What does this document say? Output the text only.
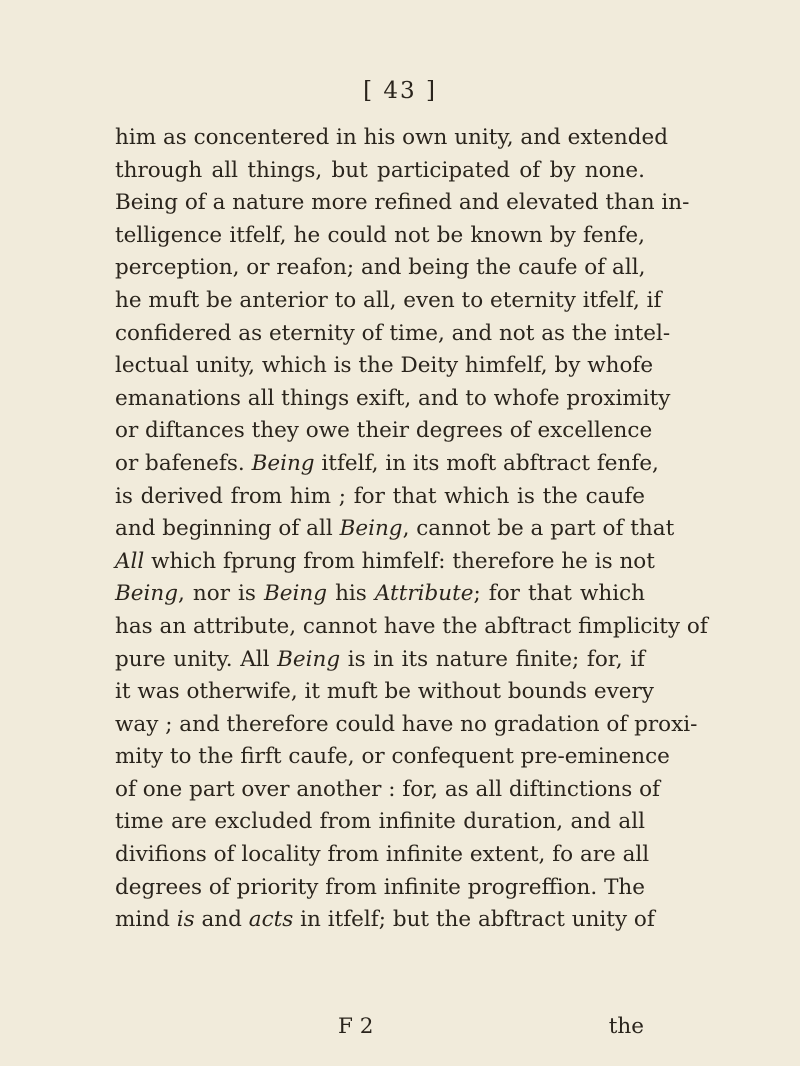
[ 43 ]
him as concentered in his own unity, and extended
through all things, but participated of by none.
Being of a nature more refined and elevated than in-
telligence itfelf, he could not be known by fenfe,
perception, or reafon; and being the caufe of all,
he muft be anterior to all, even to eternity itfelf, if
confidered as eternity of time, and not as the intel-
lectual unity, which is the Deity himfelf, by whofe
emanations all things exift, and to whofe proximity
or diftances they owe their degrees of excellence
or bafenefs. Being itfelf, in its moft abftract fenfe,
is derived from him ; for that which is the caufe
and beginning of all Being, cannot be a part of that
All which fprung from himfelf: therefore he is not
Being, nor is Being his Attribute; for that which
has an attribute, cannot have the abftract fimplicity of
pure unity. All Being is in its nature finite; for, if
it was otherwife, it muft be without bounds every
way ; and therefore could have no gradation of proxi-
mity to the firft caufe, or confequent pre-eminence
of one part over another : for, as all diftinctions of
time are excluded from infinite duration, and all
divifions of locality from infinite extent, fo are all
degrees of priority from infinite progreffion. The
mind is and acts in itfelf; but the abftract unity of
F 2	the
